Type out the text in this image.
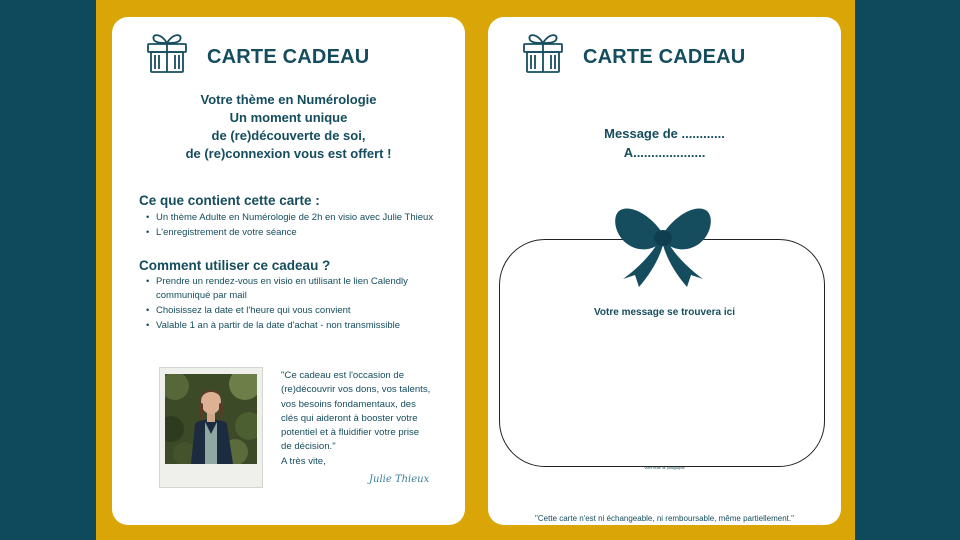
CARTE CADEAU
Votre thème en Numérologie
Un moment unique
de (re)découverte de soi,
de (re)connexion vous est offert !
Ce que contient cette carte :
• Un thème Adulte en Numérologie de 2h en visio avec Julie Thieux
• L'enregistrement de votre séance
Comment utiliser ce cadeau ?
• Prendre un rendez-vous en visio en utilisant le lien Calendly communiqué par mail
• Choisissez la date et l'heure qui vous convient
• Valable 1 an à partir de la date d'achat - non transmissible
"Ce cadeau est l'occasion de
(re)découvrir vos dons, vos talents,
vos besoins fondamentaux, des
clés qui aideront à booster votre
potentiel et à fluidifier votre prise
de décision."
A très vite,
Julie Thieux
CARTE CADEAU
Message de ............
A....................
Votre message se trouvera ici
Votre texte de paragraphe
"Cette carte n'est ni échangeable, ni remboursable, même partiellement."
